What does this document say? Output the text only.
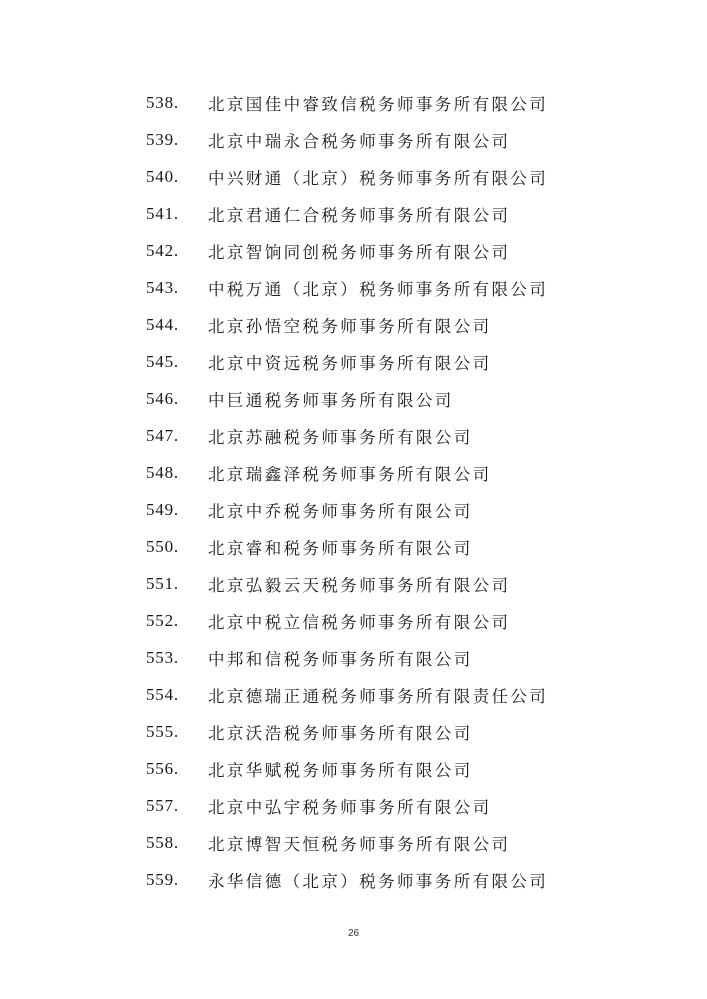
538.	北京国佳中睿致信税务师事务所有限公司
539.	北京中瑞永合税务师事务所有限公司
540.	中兴财通（北京）税务师事务所有限公司
541.	北京君通仁合税务师事务所有限公司
542.	北京智饷同创税务师事务所有限公司
543.	中税万通（北京）税务师事务所有限公司
544.	北京孙悟空税务师事务所有限公司
545.	北京中资远税务师事务所有限公司
546.	中巨通税务师事务所有限公司
547.	北京苏融税务师事务所有限公司
548.	北京瑞鑫泽税务师事务所有限公司
549.	北京中乔税务师事务所有限公司
550.	北京睿和税务师事务所有限公司
551.	北京弘毅云天税务师事务所有限公司
552.	北京中税立信税务师事务所有限公司
553.	中邦和信税务师事务所有限公司
554.	北京德瑞正通税务师事务所有限责任公司
555.	北京沃浩税务师事务所有限公司
556.	北京华赋税务师事务所有限公司
557.	北京中弘宇税务师事务所有限公司
558.	北京博智天恒税务师事务所有限公司
559.	永华信德（北京）税务师事务所有限公司
26
